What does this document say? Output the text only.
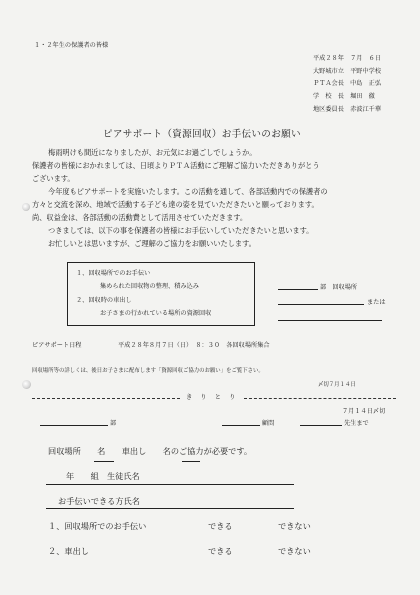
１・２年生の保護者の皆様
平成２８年　７月　６日
大野城市立　平野中学校
ＰＴＡ会長　中島　正弘
学　校　長　堀田　徹
地区委員長　赤波江千華
ピアサポート（資源回収）お手伝いのお願い
梅雨明けも間近になりましたが、お元気にお過ごしでしょうか。
保護者の皆様におかれましては、日頃よりＰＴＡ活動にご理解ご協力いただきありがとう
ございます。
今年度もピアサポートを実施いたします。この活動を通して、各部活動内での保護者の
方々と交流を深め、地域で活動する子ども達の姿を見ていただきたいと願っております。
尚、収益金は、各部活動の活動費として活用させていただきます。
つきましては、以下の事を保護者の皆様にお手伝いしていただきたいと思います。
お忙しいとは思いますが、ご理解のご協力をお願いいたします。
１、回収場所でのお手伝い
集められた回収物の整理、積み込み
２、回収時の車出し
お子さまの行かれている場所の資源回収
部　回収場所
または
ピアサポート日程	平成２８年８月７日（日）　８：３０　各回収場所集合
回収場所等の詳しくは、後日お子さまに配布します「資源回収ご協力のお願い」をご覧下さい。
〆切７月１４日
き　り　と　り
７月１４日〆切
部	顧問	先生まで
回収場所　　名　　車出し　　名のご協力が必要です。
年　　組　生徒氏名
お手伝いできる方氏名
１、回収場所でのお手伝い	できる	できない
２、車出し	できる	できない
